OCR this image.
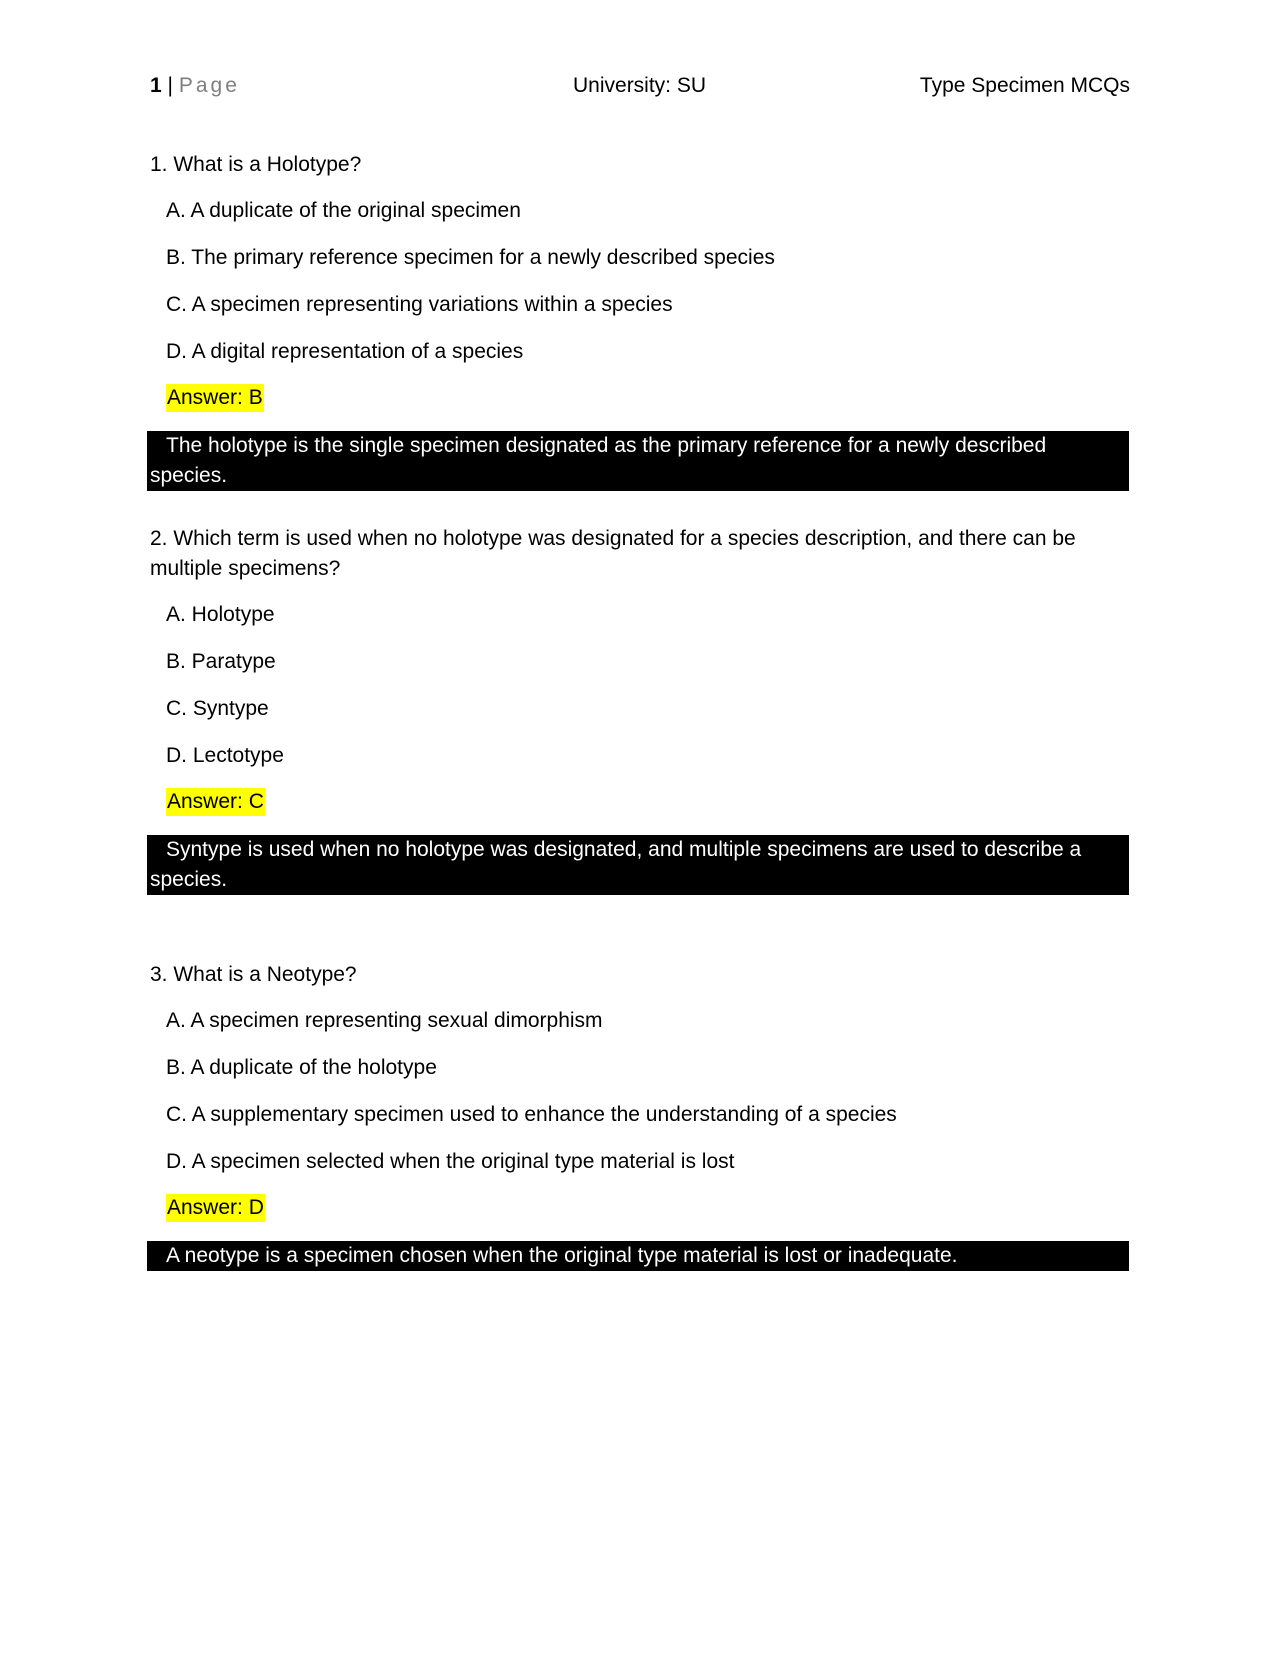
1 | Page	University: SU	Type Specimen MCQs
1. What is a Holotype?
A. A duplicate of the original specimen
B. The primary reference specimen for a newly described species
C. A specimen representing variations within a species
D. A digital representation of a species
Answer: B
The holotype is the single specimen designated as the primary reference for a newly described species.
2. Which term is used when no holotype was designated for a species description, and there can be multiple specimens?
A. Holotype
B. Paratype
C. Syntype
D. Lectotype
Answer: C
Syntype is used when no holotype was designated, and multiple specimens are used to describe a species.
3. What is a Neotype?
A. A specimen representing sexual dimorphism
B. A duplicate of the holotype
C. A supplementary specimen used to enhance the understanding of a species
D. A specimen selected when the original type material is lost
Answer: D
A neotype is a specimen chosen when the original type material is lost or inadequate.
